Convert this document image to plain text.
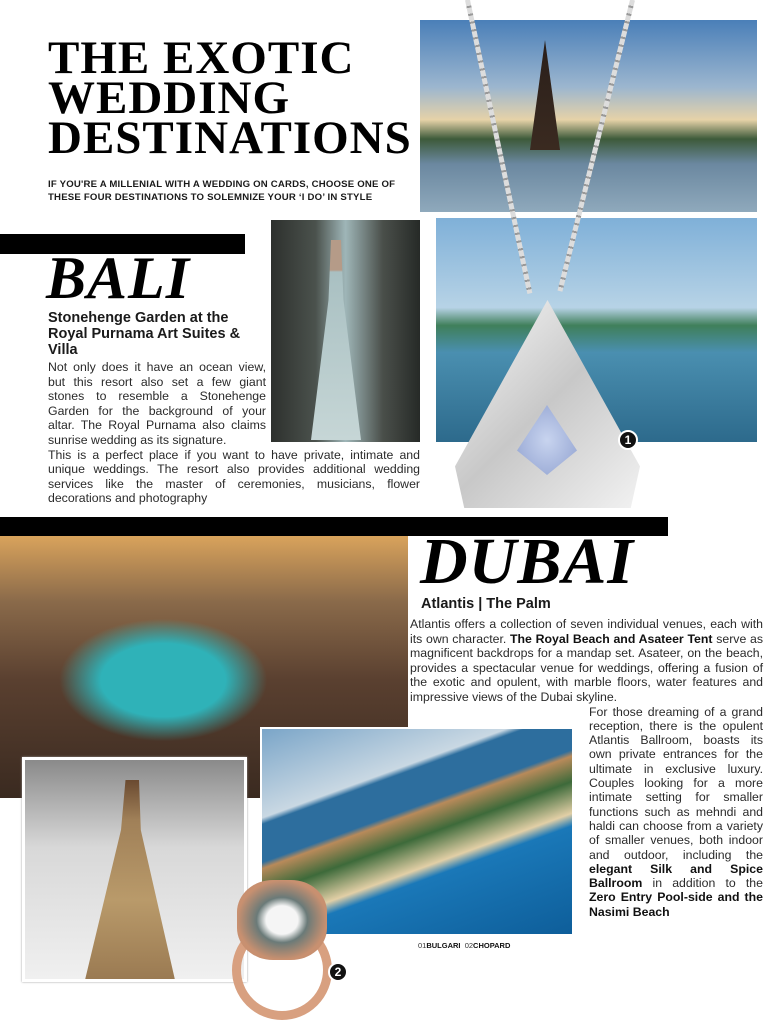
THE EXOTIC
WEDDING
DESTINATIONS
IF YOU'RE A MILLENIAL WITH A WEDDING ON CARDS, CHOOSE ONE OF THESE FOUR DESTINATIONS TO SOLEMNIZE YOUR ‘I DO’ IN STYLE
BALI
1
Stonehenge Garden at the Royal Purnama Art Suites & Villa
Not only does it have an ocean view, but this resort also set a few giant stones to resemble a Stonehenge Garden for the background of your altar. The Royal Purnama also claims sunrise wedding as its signature.
This is a perfect place if you want to have private, intimate and unique weddings. The resort also provides additional wedding services like the master of ceremonies, musicians, flower decorations and photography
DUBAI
Atlantis | The Palm
Atlantis offers a collection of seven individual venues, each with its own character. The Royal Beach and Asateer Tent serve as magnificent backdrops for a mandap set. Asateer, on the beach, provides a spectacular venue for weddings, offering a fusion of the exotic and opulent, with marble floors, water features and impressive views of the Dubai skyline.
For those dreaming of a grand reception, there is the opulent Atlantis Ballroom, boasts its own private entrances for the ultimate in exclusive luxury. Couples looking for a more intimate setting for smaller functions such as mehndi and haldi can choose from a variety of smaller venues, both indoor and outdoor, including the elegant Silk and Spice Ballroom in addition to the Zero Entry Pool-side and the Nasimi Beach
01BULGARI 02CHOPARD
2
